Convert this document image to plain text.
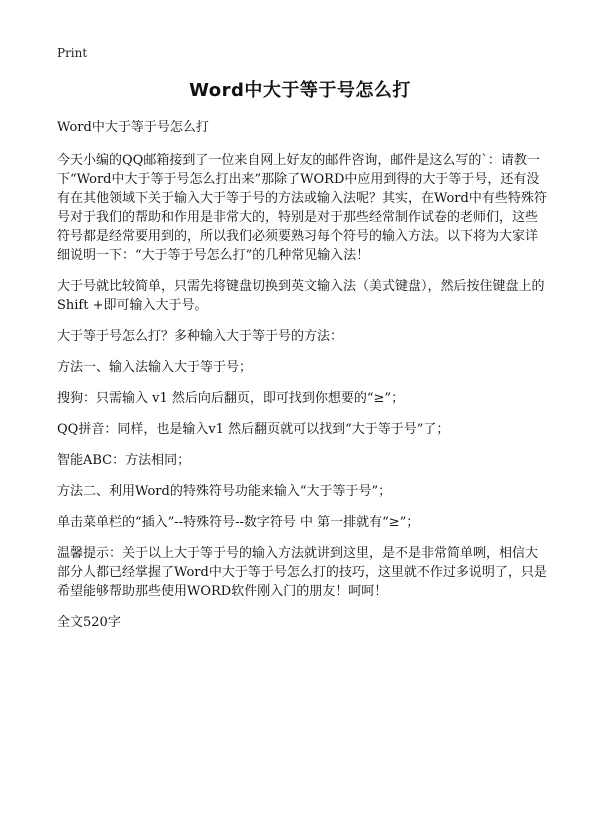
Print
Word中大于等于号怎么打

Word中大于等于号怎么打

今天小编的QQ邮箱接到了一位来自网上好友的邮件咨询，邮件是这么写的`：请教一下“Word中大于等于号怎么打出来”那除了WORD中应用到得的大于等于号，还有没有在其他领域下关于输入大于等于号的方法或输入法呢？其实，在Word中有些特殊符号对于我们的帮助和作用是非常大的，特别是对于那些经常制作试卷的老师们，这些符号都是经常要用到的，所以我们必须要熟习每个符号的输入方法。以下将为大家详细说明一下：“大于等于号怎么打”的几种常见输入法！

大于号就比较简单，只需先将键盘切换到英文输入法（美式键盘），然后按住键盘上的 Shift +即可输入大于号。

大于等于号怎么打？多种输入大于等于号的方法：

方法一、输入法输入大于等于号；

搜狗：只需输入 v1 然后向后翻页，即可找到你想要的“≥”；

QQ拼音：同样，也是输入v1 然后翻页就可以找到“大于等于号”了；

智能ABC：方法相同；

方法二、利用Word的特殊符号功能来输入“大于等于号”；

单击菜单栏的“插入”--特殊符号--数字符号 中 第一排就有“≥”；

温馨提示：关于以上大于等于号的输入方法就讲到这里，是不是非常简单咧，相信大部分人都已经掌握了Word中大于等于号怎么打的技巧，这里就不作过多说明了，只是希望能够帮助那些使用WORD软件刚入门的朋友！呵呵！

全文520字
